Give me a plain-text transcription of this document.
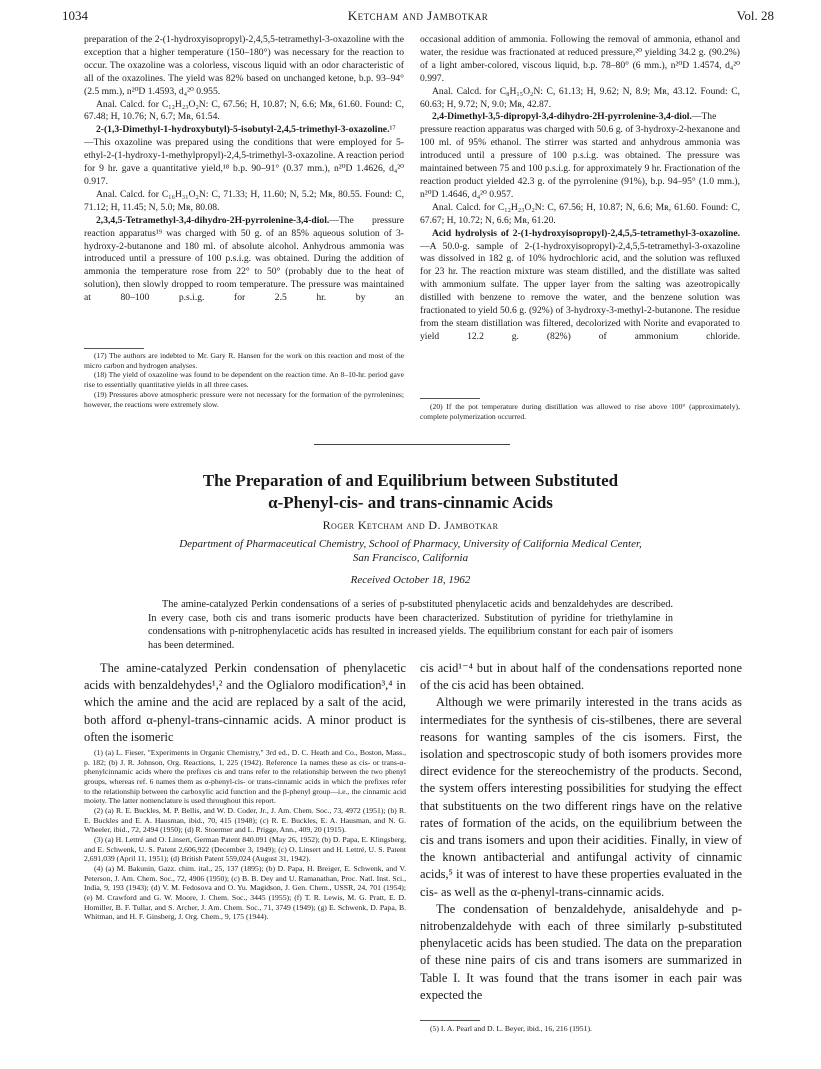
1034	Ketcham and Jambotkar	Vol. 28

preparation of the 2-(1-hydroxyisopropyl)-2,4,5,5-tetramethyl-3-oxazoline with the exception that a higher temperature (150–180°) was necessary for the reaction to occur. The oxazoline was a colorless, viscous liquid with an odor characteristic of all of the oxazolines. The yield was 82% based on unchanged ketone, b.p. 93–94° (2.5 mm.), n²⁰D 1.4593, d₄²⁰ 0.955.

Anal. Calcd. for C₁₂H₂₃O₂N: C, 67.56; H, 10.87; N, 6.6; Mʀ, 61.60. Found: C, 67.48; H, 10.76; N, 6.7; Mʀ, 61.54.

2-(1,3-Dimethyl-1-hydroxybutyl)-5-isobutyl-2,4,5-trimethyl-3-oxazoline.¹⁷—This oxazoline was prepared using the conditions that were employed for 5-ethyl-2-(1-hydroxy-1-methylpropyl)-2,4,5-trimethyl-3-oxazoline. A reaction period for 9 hr. gave a quantitative yield,¹⁸ b.p. 90–91° (0.37 mm.), n²⁰D 1.4626, d₄²⁰ 0.917.

Anal. Calcd. for C₁₆H₃₁O₂N: C, 71.33; H, 11.60; N, 5.2; Mʀ, 80.55. Found: C, 71.12; H, 11.45; N, 5.0; Mʀ, 80.08.

2,3,4,5-Tetramethyl-3,4-dihydro-2H-pyrrolenine-3,4-diol.—The pressure reaction apparatus¹⁹ was charged with 50 g. of an 85% aqueous solution of 3-hydroxy-2-butanone and 180 ml. of absolute alcohol. Anhydrous ammonia was introduced until a pressure of 100 p.s.i.g. was obtained. During the addition of ammonia the temperature rose from 22° to 50° (probably due to the heat of solution), then slowly dropped to room temperature. The pressure was maintained at 80–100 p.s.i.g. for 2.5 hr. by an

(17) The authors are indebted to Mr. Gary R. Hansen for the work on this reaction and most of the micro carbon and hydrogen analyses.

(18) The yield of oxazoline was found to be dependent on the reaction time. An 8–10-hr. period gave rise to essentially quantitative yields in all three cases.

(19) Pressures above atmospheric pressure were not necessary for the formation of the pyrrolenines; however, the reactions were extremely slow.

occasional addition of ammonia. Following the removal of ammonia, ethanol and water, the residue was fractionated at reduced pressure,²⁰ yielding 34.2 g. (90.2%) of a light amber-colored, viscous liquid, b.p. 78–80° (6 mm.), n²⁰D 1.4574, d₄²⁰ 0.997.

Anal. Calcd. for C₈H₁₅O₂N: C, 61.13; H, 9.62; N, 8.9; Mʀ, 43.12. Found: C, 60.63; H, 9.72; N, 9.0; Mʀ, 42.87.

2,4-Dimethyl-3,5-dipropyl-3,4-dihydro-2H-pyrrolenine-3,4-diol.—The pressure reaction apparatus was charged with 50.6 g. of 3-hydroxy-2-hexanone and 100 ml. of 95% ethanol. The stirrer was started and anhydrous ammonia was introduced until a pressure of 100 p.s.i.g. was obtained. The pressure was maintained between 75 and 100 p.s.i.g. for approximately 9 hr. Fractionation of the reaction product yielded 42.3 g. of the pyrrolenine (91%), b.p. 94–95° (1.0 mm.), n²⁰D 1.4646, d₄²⁰ 0.957.

Anal. Calcd. for C₁₂H₂₃O₂N: C, 67.56; H, 10.87; N, 6.6; Mʀ, 61.60. Found: C, 67.67; H, 10.72; N, 6.6; Mʀ, 61.20.

Acid hydrolysis of 2-(1-hydroxyisopropyl)-2,4,5,5-tetramethyl-3-oxazoline.—A 50.0-g. sample of 2-(1-hydroxyisopropyl)-2,4,5,5-tetramethyl-3-oxazoline was dissolved in 182 g. of 10% hydrochloric acid, and the solution was refluxed for 23 hr. The reaction mixture was steam distilled, and the distillate was salted with ammonium sulfate. The upper layer from the salting was azeotropically distilled with benzene to remove the water, and the benzene solution was fractionated to yield 50.6 g. (92%) of 3-hydroxy-3-methyl-2-butanone. The residue from the steam distillation was filtered, decolorized with Norite and evaporated to yield 12.2 g. (82%) of ammonium chloride.

(20) If the pot temperature during distillation was allowed to rise above 100° (approximately), complete polymerization occurred.

The Preparation of and Equilibrium between Substituted
α-Phenyl-cis- and trans-cinnamic Acids
Roger Ketcham and D. Jambotkar
Department of Pharmaceutical Chemistry, School of Pharmacy, University of California Medical Center,
San Francisco, California
Received October 18, 1962
The amine-catalyzed Perkin condensations of a series of p-substituted phenylacetic acids and benzaldehydes are described. In every case, both cis and trans isomeric products have been characterized. Substitution of pyridine for triethylamine in condensations with p-nitrophenylacetic acids has resulted in increased yields. The equilibrium constant for each pair of isomers has been determined.

The amine-catalyzed Perkin condensation of phenylacetic acids with benzaldehydes¹,² and the Oglialoro modification³,⁴ in which the amine and the acid are replaced by a salt of the acid, both afford α-phenyl-trans-cinnamic acids. A minor product is often the isomeric

(1) (a) L. Fieser, "Experiments in Organic Chemistry," 3rd ed., D. C. Heath and Co., Boston, Mass., p. 182; (b) J. R. Johnson, Org. Reactions, 1, 225 (1942). Reference 1a names these as cis- or trans-α-phenylcinnamic acids where the prefixes cis and trans refer to the relationship between the two phenyl groups, whereas ref. 6 names them as α-phenyl-cis- or trans-cinnamic acids in which the prefixes refer to the relationship between the carboxylic acid function and the β-phenyl group—i.e., the cinnamic acid moiety. The latter nomenclature is used throughout this report.

(2) (a) R. E. Buckles, M. P. Bellis, and W. D. Coder, Jr., J. Am. Chem. Soc., 73, 4972 (1951); (b) R. E. Buckles and E. A. Hausman, ibid., 70, 415 (1948); (c) R. E. Buckles, E. A. Hausman, and N. G. Wheeler, ibid., 72, 2494 (1950); (d) R. Stoermer and L. Prigge, Ann., 409, 20 (1915).

(3) (a) H. Lettré and O. Linsert, German Patent 840.091 (May 26, 1952); (b) D. Papa, E. Klingsberg, and E. Schwenk, U. S. Patent 2,606,922 (December 3, 1949); (c) O. Linsert and H. Lettré, U. S. Patent 2,691,039 (April 11, 1951); (d) British Patent 559,024 (August 31, 1942).

(4) (a) M. Bakunin, Gazz. chim. ital., 25, 137 (1895); (b) D. Papa, H. Breiger, E. Schwenk, and V. Peterson, J. Am. Chem. Soc., 72, 4906 (1950); (c) B. B. Dey and U. Ramanathan, Proc. Natl. Inst. Sci., India, 9, 193 (1943); (d) V. M. Fedosova and O. Yu. Magidson, J. Gen. Chem., USSR, 24, 701 (1954); (e) M. Crawford and G. W. Moore, J. Chem. Soc., 3445 (1955); (f) T. R. Lewis, M. G. Pratt, E. D. Homiller, B. F. Tullar, and S. Archer, J. Am. Chem. Soc., 71, 3749 (1949); (g) E. Schwenk, D. Papa, B. Whitman, and H. F. Ginsberg, J. Org. Chem., 9, 175 (1944).

cis acid¹⁻⁴ but in about half of the condensations reported none of the cis acid has been obtained.

Although we were primarily interested in the trans acids as intermediates for the synthesis of cis-stilbenes, there are several reasons for wanting samples of the cis isomers. First, the isolation and spectroscopic study of both isomers provides more direct evidence for the stereochemistry of the products. Second, the system offers interesting possibilities for studying the effect that substituents on the two different rings have on the relative rates of formation of the acids, on the equilibrium between the cis and trans isomers and upon their acidities. Finally, in view of the known antibacterial and antifungal activity of cinnamic acids,⁵ it was of interest to have these properties evaluated in the cis- as well as the α-phenyl-trans-cinnamic acids.

The condensation of benzaldehyde, anisaldehyde and p-nitrobenzaldehyde with each of three similarly p-substituted phenylacetic acids has been studied. The data on the preparation of these nine pairs of cis and trans isomers are summarized in Table I. It was found that the trans isomer in each pair was expected the

(5) I. A. Pearl and D. L. Beyer, ibid., 16, 216 (1951).
